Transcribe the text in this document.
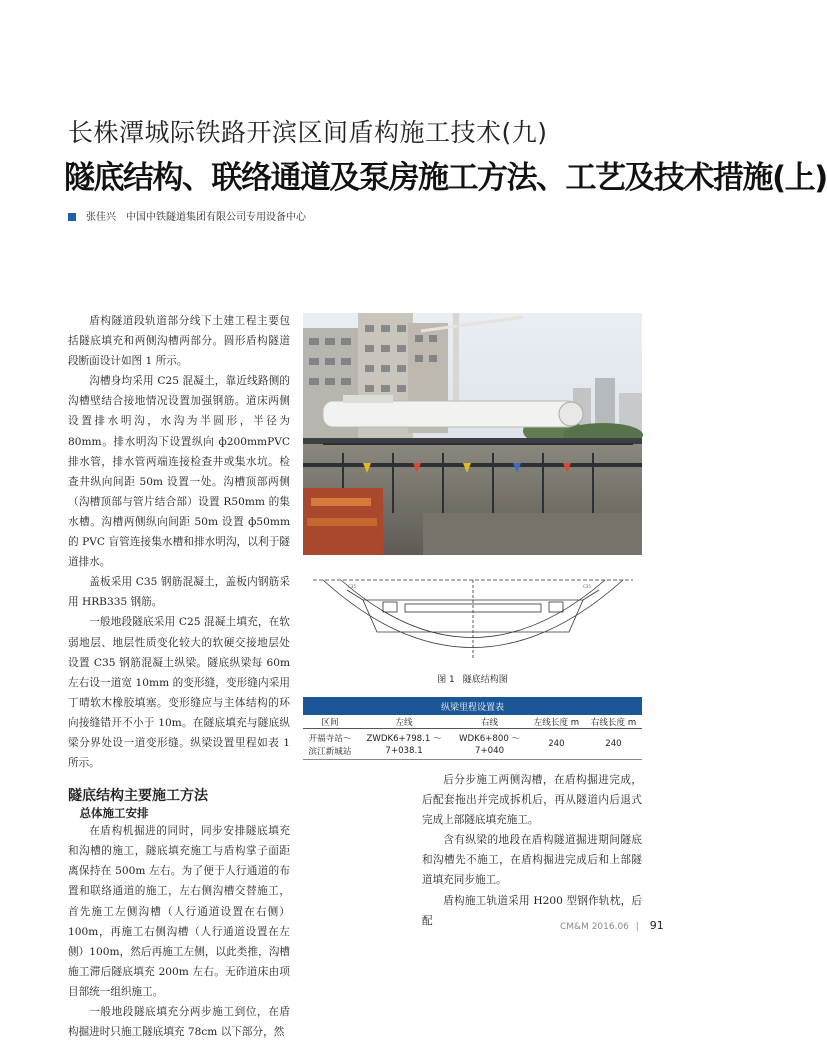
长株潭城际铁路开滨区间盾构施工技术(九)
隧底结构、联络通道及泵房施工方法、工艺及技术措施(上)
张佳兴 中国中铁隧道集团有限公司专用设备中心

盾构隧道段轨道部分线下土建工程主要包括隧底填充和两侧沟槽两部分。圆形盾构隧道段断面设计如图 1 所示。

沟槽身均采用 C25 混凝土，靠近线路侧的沟槽壁结合接地情况设置加强钢筋。道床两侧设置排水明沟，水沟为半圆形，半径为 80mm。排水明沟下设置纵向 ф200mmPVC 排水管，排水管两端连接检查井或集水坑。检查井纵向间距 50m 设置一处。沟槽顶部两侧（沟槽顶部与管片结合部）设置 R50mm 的集水槽。沟槽两侧纵向间距 50m 设置 ф50mm 的 PVC 盲管连接集水槽和排水明沟，以利于隧道排水。

盖板采用 C35 钢筋混凝土，盖板内钢筋采用 HRB335 钢筋。

一般地段隧底采用 C25 混凝土填充，在软弱地层、地层性质变化较大的软硬交接地层处设置 C35 钢筋混凝土纵梁。隧底纵梁每 60m 左右设一道宽 10mm 的变形缝，变形缝内采用丁晴软木橡胶填塞。变形缝应与主体结构的环向接缝错开不小于 10m。在隧底填充与隧底纵梁分界处设一道变形缝。纵梁设置里程如表 1 所示。

隧底结构主要施工方法

总体施工安排

在盾构机掘进的同时，同步安排隧底填充和沟槽的施工，隧底填充施工与盾构掌子面距离保持在 500m 左右。为了便于人行通道的布置和联络通道的施工，左右侧沟槽交替施工，首先施工左侧沟槽（人行通道设置在右侧）100m，再施工右侧沟槽（人行通道设置在左侧）100m，然后再施工左侧，以此类推，沟槽施工滞后隧底填充 200m 左右。无砟道床由项目部统一组织施工。

一般地段隧底填充分两步施工到位，在盾构掘进时只施工隧底填充 78cm 以下部分，然

C35	C35
图 1 隧底结构图
纵梁里程设置表				
区间	左线	右线	左线长度 m	右线长度 m
开福寺站～	ZWDK6+798.1 ～	WDK6+800 ～	240	240
滨江新城站	7+038.1	7+040		

后分步施工两侧沟槽，在盾构掘进完成，后配套拖出并完成拆机后，再从隧道内后退式完成上部隧底填充施工。

含有纵梁的地段在盾构隧道掘进期间隧底和沟槽先不施工，在盾构掘进完成后和上部隧道填充同步施工。

盾构施工轨道采用 H200 型钢作轨枕，后配

CM&M 2016.06 | 91
